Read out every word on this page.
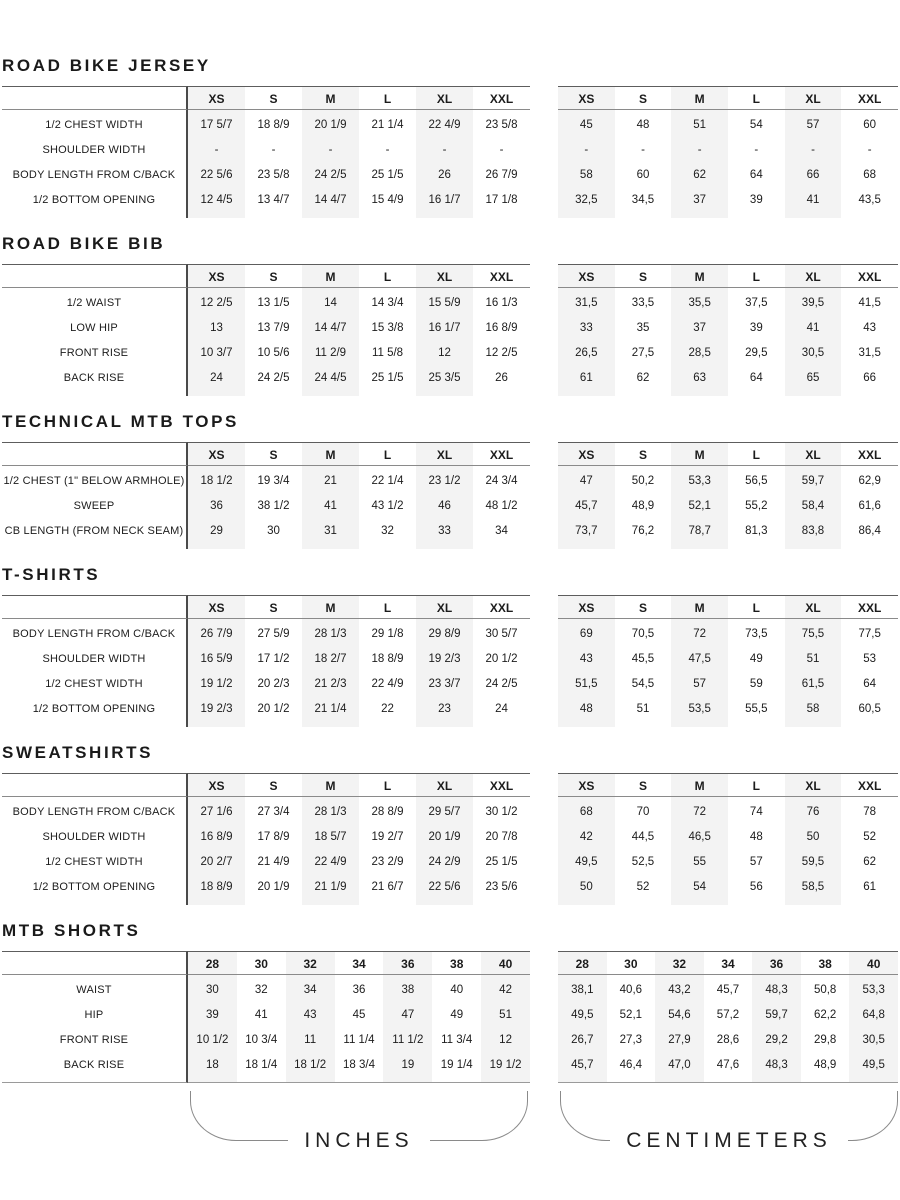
ROAD BIKE JERSEY
XS	S	M	L	XL	XXL
1/2 CHEST WIDTH	17 5/7	18 8/9	20 1/9	21 1/4	22 4/9	23 5/8
SHOULDER WIDTH	-	-	-	-	-	-
BODY LENGTH FROM C/BACK	22 5/6	23 5/8	24 2/5	25 1/5	26	26 7/9
1/2 BOTTOM OPENING	12 4/5	13 4/7	14 4/7	15 4/9	16 1/7	17 1/8
XS	S	M	L	XL	XXL
45	48	51	54	57	60
-	-	-	-	-	-
58	60	62	64	66	68
32,5	34,5	37	39	41	43,5
ROAD BIKE BIB
XS	S	M	L	XL	XXL
1/2 WAIST	12 2/5	13 1/5	14	14 3/4	15 5/9	16 1/3
LOW HIP	13	13 7/9	14 4/7	15 3/8	16 1/7	16 8/9
FRONT RISE	10 3/7	10 5/6	11 2/9	11 5/8	12	12 2/5
BACK RISE	24	24 2/5	24 4/5	25 1/5	25 3/5	26
XS	S	M	L	XL	XXL
31,5	33,5	35,5	37,5	39,5	41,5
33	35	37	39	41	43
26,5	27,5	28,5	29,5	30,5	31,5
61	62	63	64	65	66
TECHNICAL MTB TOPS
XS	S	M	L	XL	XXL
1/2 CHEST (1" BELOW ARMHOLE)	18 1/2	19 3/4	21	22 1/4	23 1/2	24 3/4
SWEEP	36	38 1/2	41	43 1/2	46	48 1/2
CB LENGTH (FROM NECK SEAM)	29	30	31	32	33	34
XS	S	M	L	XL	XXL
47	50,2	53,3	56,5	59,7	62,9
45,7	48,9	52,1	55,2	58,4	61,6
73,7	76,2	78,7	81,3	83,8	86,4
T-SHIRTS
XS	S	M	L	XL	XXL
BODY LENGTH FROM C/BACK	26 7/9	27 5/9	28 1/3	29 1/8	29 8/9	30 5/7
SHOULDER WIDTH	16 5/9	17 1/2	18 2/7	18 8/9	19 2/3	20 1/2
1/2 CHEST WIDTH	19 1/2	20 2/3	21 2/3	22 4/9	23 3/7	24 2/5
1/2 BOTTOM OPENING	19 2/3	20 1/2	21 1/4	22	23	24
XS	S	M	L	XL	XXL
69	70,5	72	73,5	75,5	77,5
43	45,5	47,5	49	51	53
51,5	54,5	57	59	61,5	64
48	51	53,5	55,5	58	60,5
SWEATSHIRTS
XS	S	M	L	XL	XXL
BODY LENGTH FROM C/BACK	27 1/6	27 3/4	28 1/3	28 8/9	29 5/7	30 1/2
SHOULDER WIDTH	16 8/9	17 8/9	18 5/7	19 2/7	20 1/9	20 7/8
1/2 CHEST WIDTH	20 2/7	21 4/9	22 4/9	23 2/9	24 2/9	25 1/5
1/2 BOTTOM OPENING	18 8/9	20 1/9	21 1/9	21 6/7	22 5/6	23 5/6
XS	S	M	L	XL	XXL
68	70	72	74	76	78
42	44,5	46,5	48	50	52
49,5	52,5	55	57	59,5	62
50	52	54	56	58,5	61
MTB SHORTS
28	30	32	34	36	38	40
WAIST	30	32	34	36	38	40	42
HIP	39	41	43	45	47	49	51
FRONT RISE	10 1/2	10 3/4	11	11 1/4	11 1/2	11 3/4	12
BACK RISE	18	18 1/4	18 1/2	18 3/4	19	19 1/4	19 1/2
28	30	32	34	36	38	40
38,1	40,6	43,2	45,7	48,3	50,8	53,3
49,5	52,1	54,6	57,2	59,7	62,2	64,8
26,7	27,3	27,9	28,6	29,2	29,8	30,5
45,7	46,4	47,0	47,6	48,3	48,9	49,5
INCHES	CENTIMETERS
